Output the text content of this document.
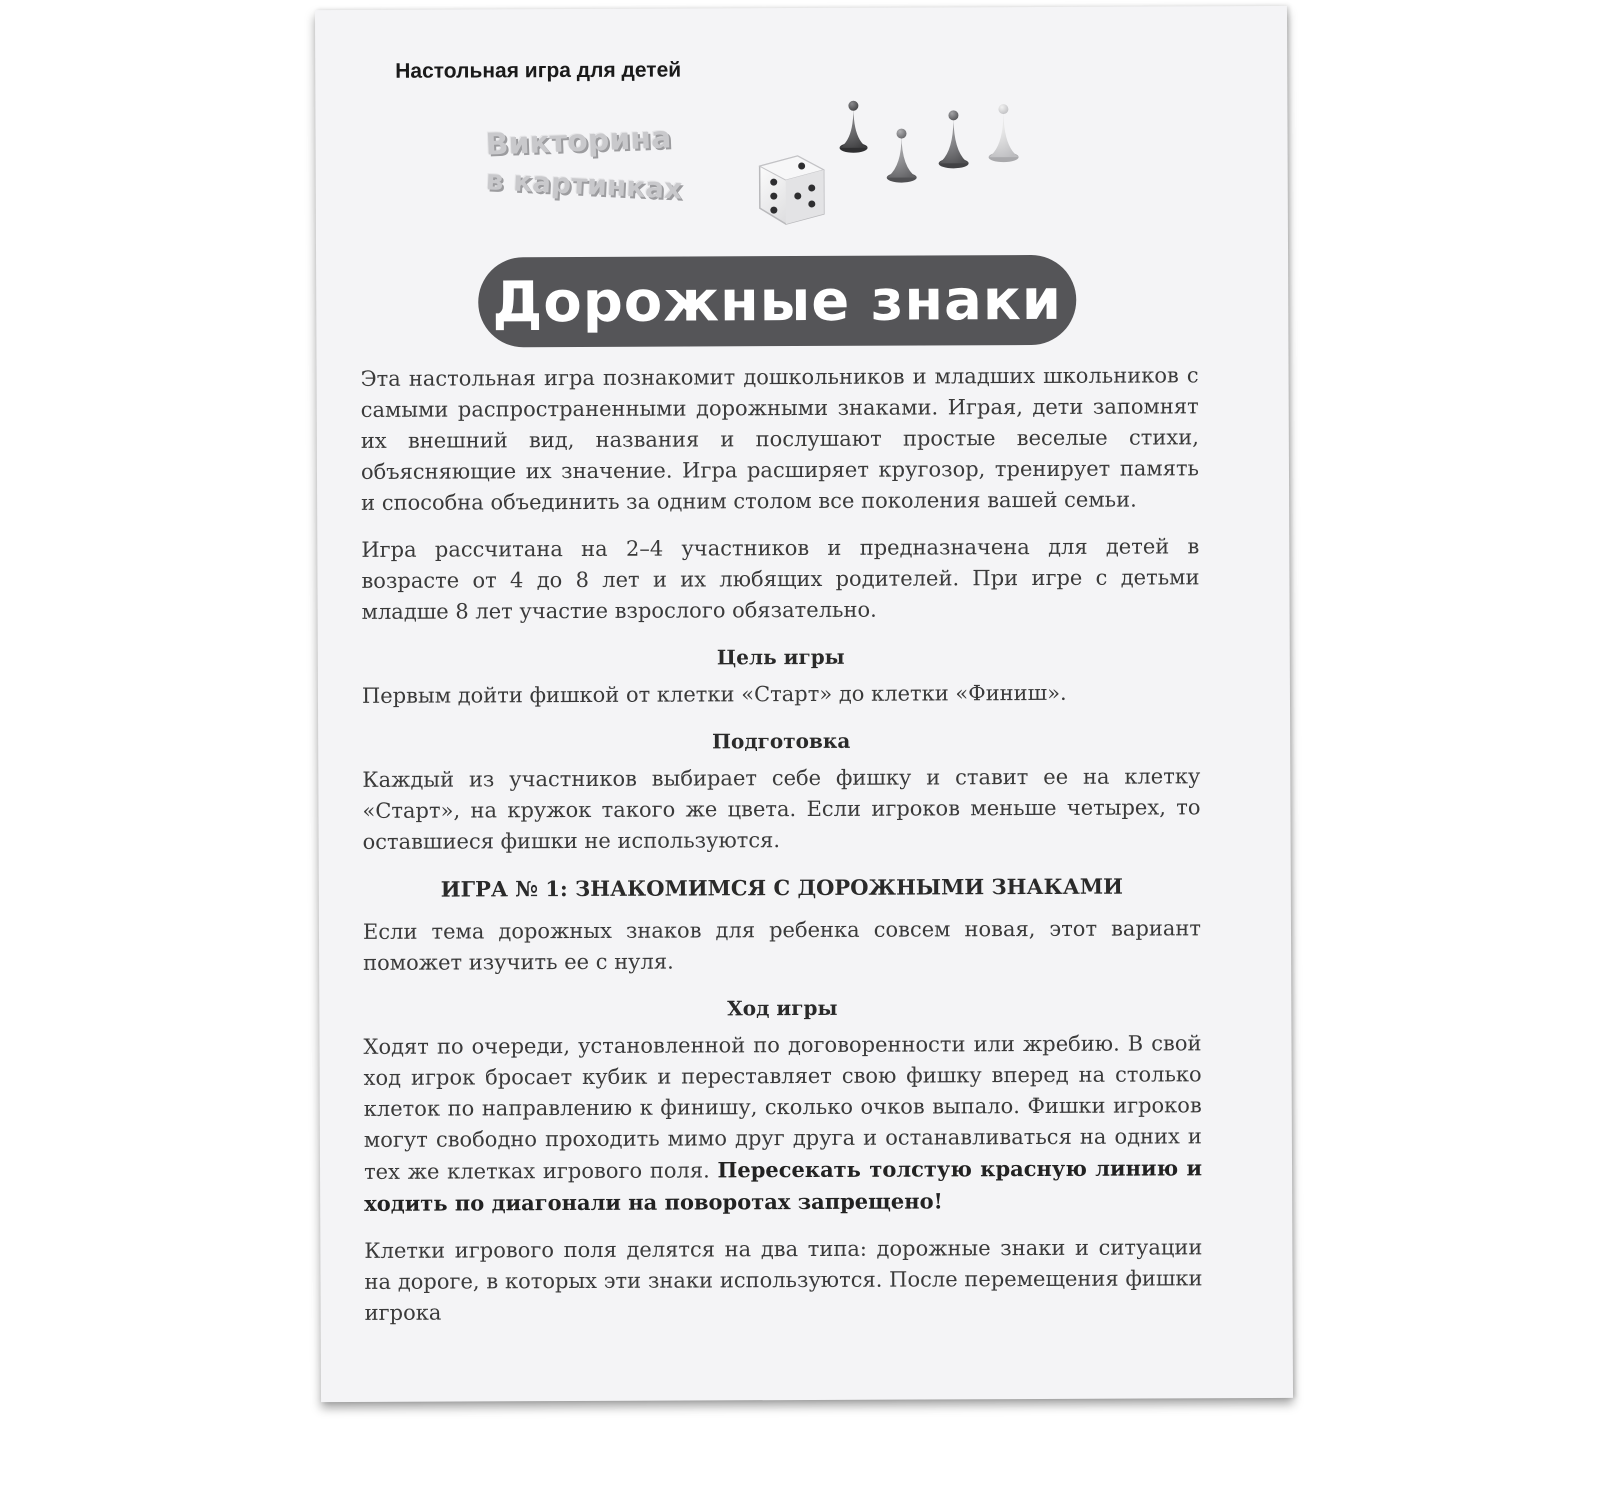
Настольная игра для детей
Викторина
в картинках
Дорожные знаки

Эта настольная игра познакомит дошкольников и младших школьников с самыми распространенными дорожными знаками. Играя, дети запомнят их внешний вид, названия и послушают простые веселые стихи, объясняющие их значение. Игра расширяет кругозор, тренирует память и способна объединить за одним столом все поколения вашей семьи.

Игра рассчитана на 2–4 участников и предназначена для детей в возрасте от 4 до 8 лет и их любящих родителей. При игре с детьми младше 8 лет участие взрослого обязательно.

Цель игры

Первым дойти фишкой от клетки «Старт» до клетки «Финиш».

Подготовка

Каждый из участников выбирает себе фишку и ставит ее на клетку «Старт», на кружок такого же цвета. Если игроков меньше четырех, то оставшиеся фишки не используются.

ИГРА № 1: ЗНАКОМИМСЯ С ДОРОЖНЫМИ ЗНАКАМИ

Если тема дорожных знаков для ребенка совсем новая, этот вариант поможет изучить ее с нуля.

Ход игры

Ходят по очереди, установленной по договоренности или жребию. В свой ход игрок бросает кубик и переставляет свою фишку вперед на столько клеток по направлению к финишу, сколько очков выпало. Фишки игроков могут свободно проходить мимо друг друга и останавливаться на одних и тех же клетках игрового поля. Пересекать толстую красную линию и ходить по диагонали на поворотах запрещено!

Клетки игрового поля делятся на два типа: дорожные знаки и ситуации на дороге, в которых эти знаки используются. После перемещения фишки игрока
